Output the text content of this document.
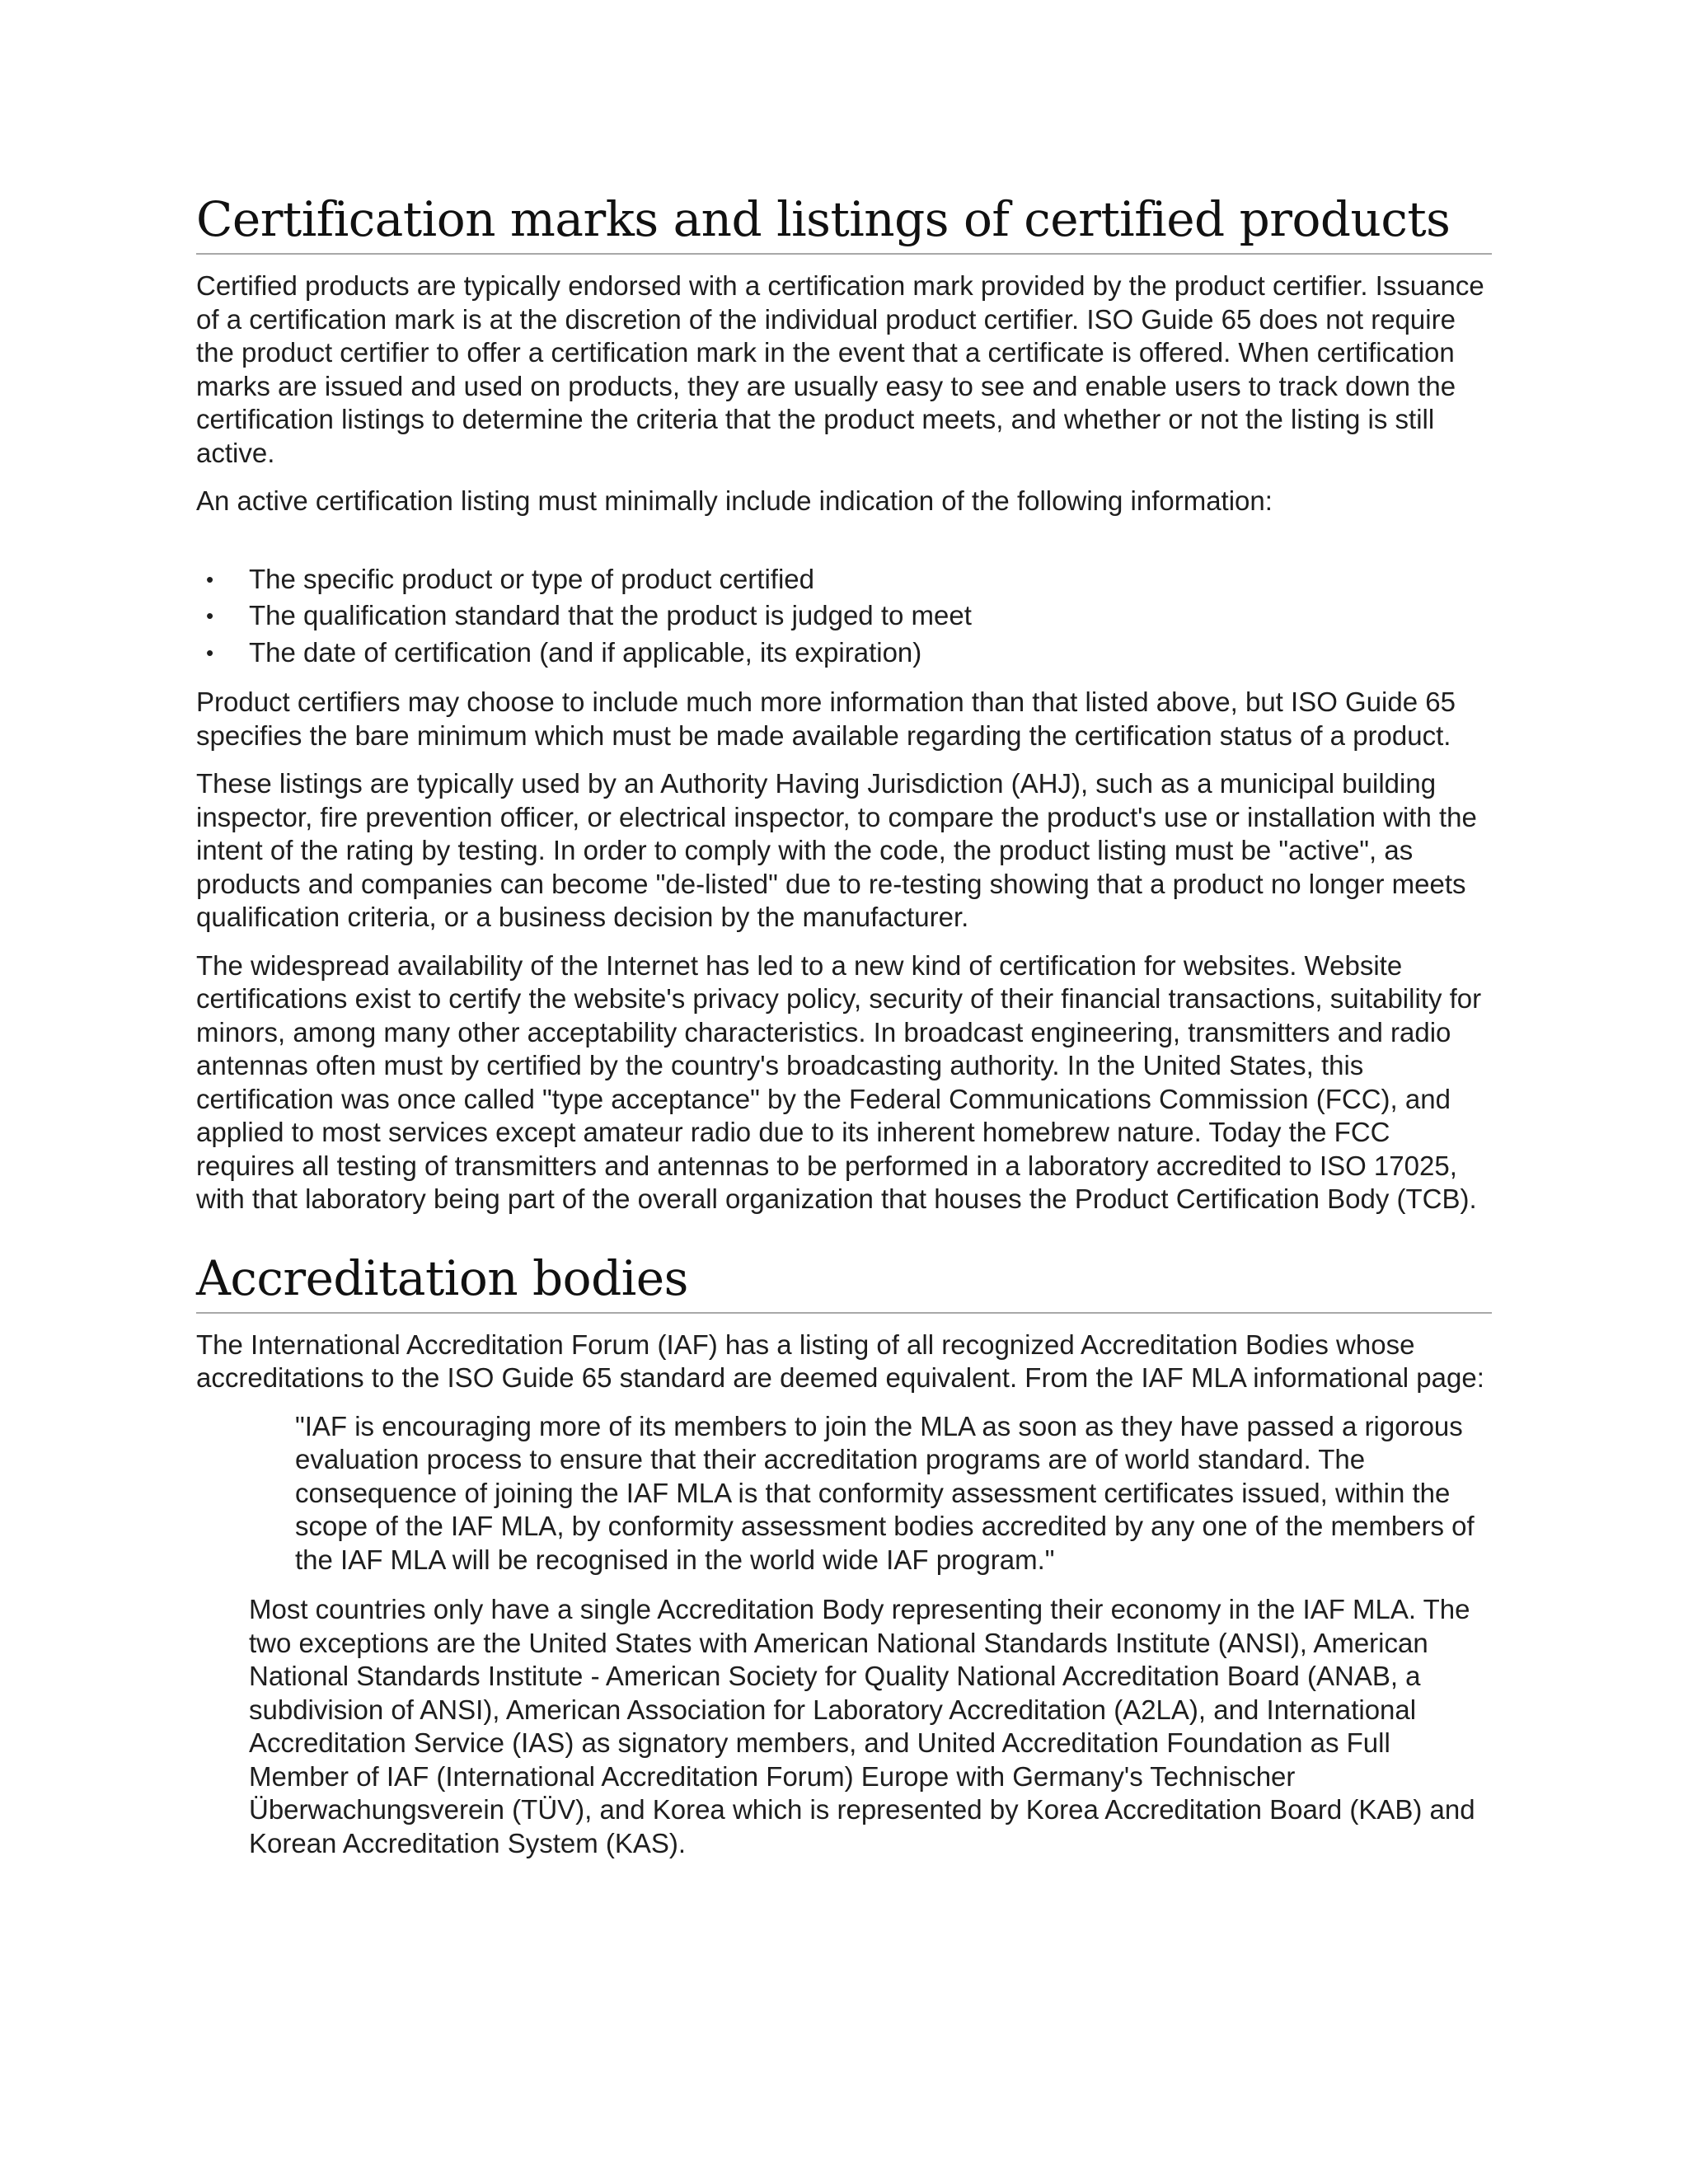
Certification marks and listings of certified products

Certified products are typically endorsed with a certification mark provided by the product certifier. Issuance of a certification mark is at the discretion of the individual product certifier. ISO Guide 65 does not require the product certifier to offer a certification mark in the event that a certificate is offered. When certification marks are issued and used on products, they are usually easy to see and enable users to track down the certification listings to determine the criteria that the product meets, and whether or not the listing is still active.

An active certification listing must minimally include indication of the following information:

• The specific product or type of product certified
• The qualification standard that the product is judged to meet
• The date of certification (and if applicable, its expiration)

Product certifiers may choose to include much more information than that listed above, but ISO Guide 65 specifies the bare minimum which must be made available regarding the certification status of a product.

These listings are typically used by an Authority Having Jurisdiction (AHJ), such as a municipal building inspector, fire prevention officer, or electrical inspector, to compare the product's use or installation with the intent of the rating by testing. In order to comply with the code, the product listing must be "active", as products and companies can become "de-listed" due to re-testing showing that a product no longer meets qualification criteria, or a business decision by the manufacturer.

The widespread availability of the Internet has led to a new kind of certification for websites. Website certifications exist to certify the website's privacy policy, security of their financial transactions, suitability for minors, among many other acceptability characteristics. In broadcast engineering, transmitters and radio antennas often must by certified by the country's broadcasting authority. In the United States, this certification was once called "type acceptance" by the Federal Communications Commission (FCC), and applied to most services except amateur radio due to its inherent homebrew nature. Today the FCC requires all testing of transmitters and antennas to be performed in a laboratory accredited to ISO 17025, with that laboratory being part of the overall organization that houses the Product Certification Body (TCB).

Accreditation bodies

The International Accreditation Forum (IAF) has a listing of all recognized Accreditation Bodies whose accreditations to the ISO Guide 65 standard are deemed equivalent. From the IAF MLA informational page:

"IAF is encouraging more of its members to join the MLA as soon as they have passed a rigorous evaluation process to ensure that their accreditation programs are of world standard. The consequence of joining the IAF MLA is that conformity assessment certificates issued, within the scope of the IAF MLA, by conformity assessment bodies accredited by any one of the members of the IAF MLA will be recognised in the world wide IAF program."

Most countries only have a single Accreditation Body representing their economy in the IAF MLA. The two exceptions are the United States with American National Standards Institute (ANSI), American National Standards Institute - American Society for Quality National Accreditation Board (ANAB, a subdivision of ANSI), American Association for Laboratory Accreditation (A2LA), and International Accreditation Service (IAS) as signatory members, and United Accreditation Foundation as Full Member of IAF (International Accreditation Forum) Europe with Germany's Technischer Überwachungsverein (TÜV), and Korea which is represented by Korea Accreditation Board (KAB) and Korean Accreditation System (KAS).
